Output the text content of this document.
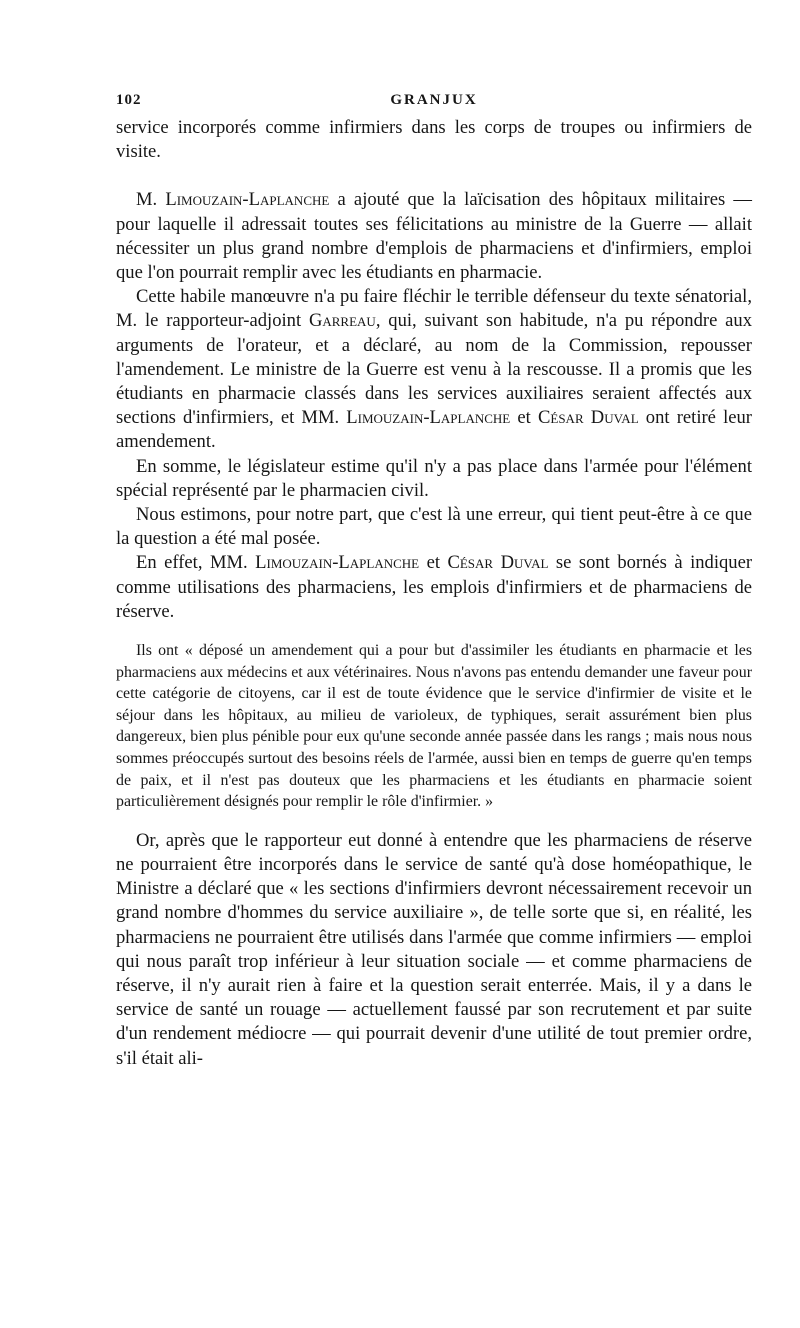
102	GRANJUX

service incorporés comme infirmiers dans les corps de troupes ou infirmiers de visite.

M. Limouzain-Laplanche a ajouté que la laïcisation des hôpitaux militaires — pour laquelle il adressait toutes ses félicitations au ministre de la Guerre — allait nécessiter un plus grand nombre d'emplois de pharmaciens et d'infirmiers, emploi que l'on pourrait remplir avec les étudiants en pharmacie.

Cette habile manœuvre n'a pu faire fléchir le terrible défenseur du texte sénatorial, M. le rapporteur-adjoint Garreau, qui, suivant son habitude, n'a pu répondre aux arguments de l'orateur, et a déclaré, au nom de la Commission, repousser l'amendement. Le ministre de la Guerre est venu à la rescousse. Il a promis que les étudiants en pharmacie classés dans les services auxiliaires seraient affectés aux sections d'infirmiers, et MM. Limouzain-Laplanche et César Duval ont retiré leur amendement.

En somme, le législateur estime qu'il n'y a pas place dans l'armée pour l'élément spécial représenté par le pharmacien civil.

Nous estimons, pour notre part, que c'est là une erreur, qui tient peut-être à ce que la question a été mal posée.

En effet, MM. Limouzain-Laplanche et César Duval se sont bornés à indiquer comme utilisations des pharmaciens, les emplois d'infirmiers et de pharmaciens de réserve.

Ils ont « déposé un amendement qui a pour but d'assimiler les étudiants en pharmacie et les pharmaciens aux médecins et aux vétérinaires. Nous n'avons pas entendu demander une faveur pour cette catégorie de citoyens, car il est de toute évidence que le service d'infirmier de visite et le séjour dans les hôpitaux, au milieu de varioleux, de typhiques, serait assurément bien plus dangereux, bien plus pénible pour eux qu'une seconde année passée dans les rangs ; mais nous nous sommes préoccupés surtout des besoins réels de l'armée, aussi bien en temps de guerre qu'en temps de paix, et il n'est pas douteux que les pharmaciens et les étudiants en pharmacie soient particulièrement désignés pour remplir le rôle d'infirmier. »

Or, après que le rapporteur eut donné à entendre que les pharmaciens de réserve ne pourraient être incorporés dans le service de santé qu'à dose homéopathique, le Ministre a déclaré que « les sections d'infirmiers devront nécessairement recevoir un grand nombre d'hommes du service auxiliaire », de telle sorte que si, en réalité, les pharmaciens ne pourraient être utilisés dans l'armée que comme infirmiers — emploi qui nous paraît trop inférieur à leur situation sociale — et comme pharmaciens de réserve, il n'y aurait rien à faire et la question serait enterrée. Mais, il y a dans le service de santé un rouage — actuellement faussé par son recrutement et par suite d'un rendement médiocre — qui pourrait devenir d'une utilité de tout premier ordre, s'il était ali-
